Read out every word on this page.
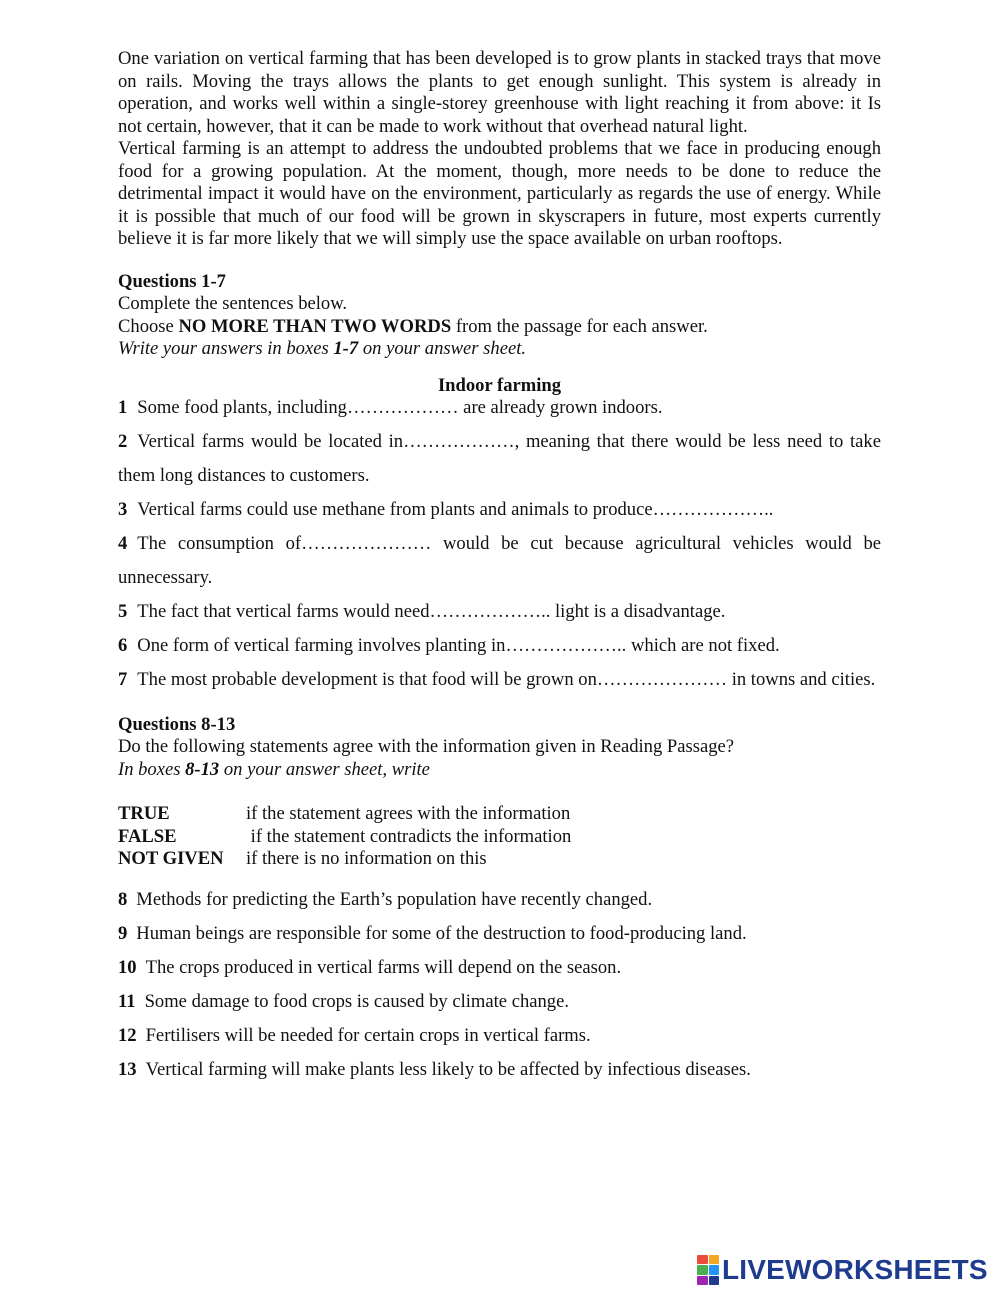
One variation on vertical farming that has been developed is to grow plants in stacked trays that move on rails. Moving the trays allows the plants to get enough sunlight. This system is already in operation, and works well within a single-storey greenhouse with light reaching it from above: it Is not certain, however, that it can be made to work without that overhead natural light.

Vertical farming is an attempt to address the undoubted problems that we face in producing enough food for a growing population. At the moment, though, more needs to be done to reduce the detrimental impact it would have on the environment, particularly as regards the use of energy. While it is possible that much of our food will be grown in skyscrapers in future, most experts currently believe it is far more likely that we will simply use the space available on urban rooftops.

Questions 1-7

Complete the sentences below.

Choose NO MORE THAN TWO WORDS from the passage for each answer.

Write your answers in boxes 1-7 on your answer sheet.

Indoor farming

1 Some food plants, including……………… are already grown indoors.

2 Vertical farms would be located in………………, meaning that there would be less need to take them long distances to customers.

3 Vertical farms could use methane from plants and animals to produce………………..

4 The consumption of………………… would be cut because agricultural vehicles would be unnecessary.

5 The fact that vertical farms would need……………….. light is a disadvantage.

6 One form of vertical farming involves planting in……………….. which are not fixed.

7 The most probable development is that food will be grown on………………… in towns and cities.

Questions 8-13

Do the following statements agree with the information given in Reading Passage?

In boxes 8-13 on your answer sheet, write

TRUE	if the statement agrees with the information
FALSE	if the statement contradicts the information
NOT GIVEN	if there is no information on this

8 Methods for predicting the Earth’s population have recently changed.

9 Human beings are responsible for some of the destruction to food-producing land.

10 The crops produced in vertical farms will depend on the season.

11 Some damage to food crops is caused by climate change.

12 Fertilisers will be needed for certain crops in vertical farms.

13 Vertical farming will make plants less likely to be affected by infectious diseases.

LIVEWORKSHEETS
